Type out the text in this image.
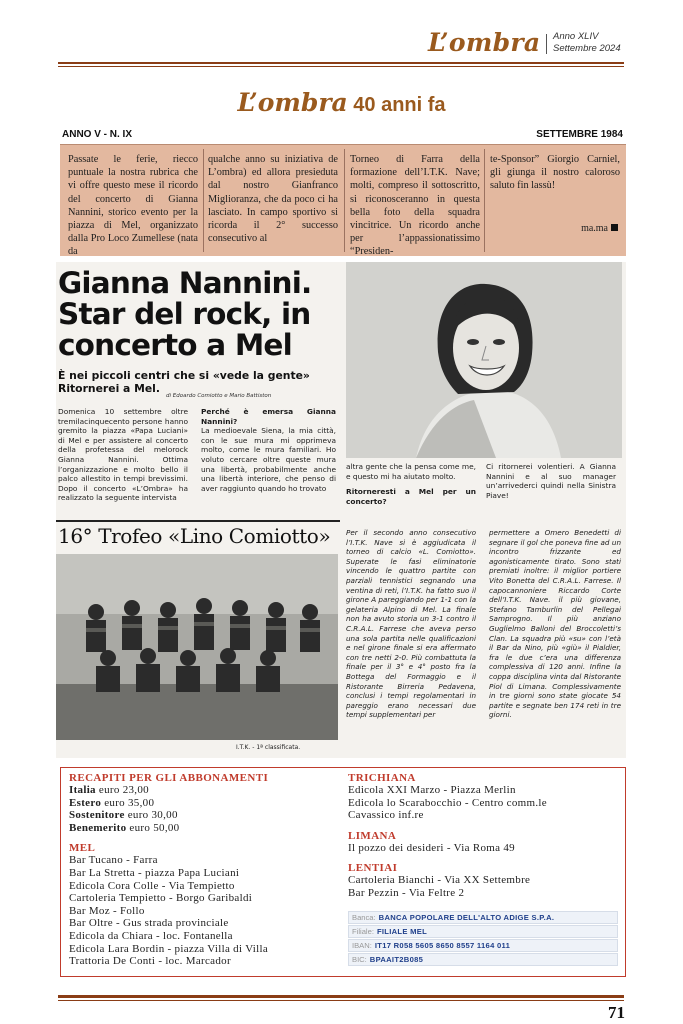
L’ombra Anno XLIV
Settembre 2024
L’ombra 40 anni fa
ANNO V - N. IX	SETTEMBRE 1984
Passate le ferie, riecco puntuale la nostra rubrica che vi offre questo mese il ricordo del concerto di Gianna Nannini, storico evento per la piazza di Mel, organizzato dalla Pro Loco Zumellese (nata da
qualche anno su iniziativa de L’ombra) ed allora presieduta dal nostro Gianfranco Miglioranza, che da poco ci ha lasciato. In campo sportivo si ricorda il 2° successo consecutivo al
Torneo di Farra della formazione dell’I.T.K. Nave; molti, compreso il sottoscritto, si riconosceranno in questa bella foto della squadra vincitrice. Un ricordo anche per l’appassionatissimo “Presiden-
te-Sponsor” Giorgio Carniel, gli giunga il nostro caloroso saluto fin lassù!
ma.ma
Gianna Nannini. Star del rock, in concerto a Mel
È nei piccoli centri che si «vede la gente» Ritornerei a Mel.
di Edoardo Comiotto e Mario Battiston
Domenica 10 settembre oltre tremilacinquecento persone hanno gremito la piazza «Papa Luciani» di Mel e per assistere al concerto della profetessa del melorock Gianna Nannini. Ottima l’organizzazione e molto bello il palco allestito in tempi brevissimi. Dopo il concerto «L’Ombra» ha realizzato la seguente intervista
Perché è emersa Gianna Nannini?
La medioevale Siena, la mia città, con le sue mura mi opprimeva molto, come le mura familiari. Ho voluto cercare oltre queste mura una libertà, probabilmente anche una libertà interiore, che penso di aver raggiunto quando ho trovato
altra gente che la pensa come me, e questo mi ha aiutato molto.
Ritorneresti a Mel per un concerto?
Ci ritornerei volentieri. A Gianna Nannini e al suo manager un’arrivederci quindi nella Sinistra Piave!
16° Trofeo «Lino Comiotto»
I.T.K. - 1ª classificata.
Per il secondo anno consecutivo l’I.T.K. Nave si è aggiudicata il torneo di calcio «L. Comiotto». Superate le fasi eliminatorie vincendo le quattro partite con parziali tennistici segnando una ventina di reti, l’I.T.K. ha fatto suo il girone A pareggiando per 1-1 con la gelateria Alpino di Mel. La finale non ha avuto storia un 3-1 contro il C.R.A.L. Farrese che aveva perso una sola partita nelle qualificazioni e nel girone finale si era affermato con tre netti 2-0. Più combattuta la finale per il 3° e 4° posto fra la Bottega del Formaggio e il Ristorante Birreria Pedavena, conclusi i tempi regolamentari in pareggio erano necessari due tempi supplementari per
permettere a Omero Benedetti di segnare il gol che poneva fine ad un incontro frizzante ed agonisticamente tirato. Sono stati premiati inoltre: il miglior portiere Vito Bonetta del C.R.A.L. Farrese. Il capocannoniere Riccardo Corte dell’I.T.K. Nave. il più giovane, Stefano Tamburlin del Pellegai Samprogno. Il più anziano Guglielmo Balloni del Broccoletti’s Clan. La squadra più «su» con l’età il Bar da Nino, più «giù» il Pialdier, fra le due c’era una differenza complessiva di 120 anni. Infine la coppa disciplina vinta dal Ristorante Piol di Limana. Complessivamente in tre giorni sono state giocate 54 partite e segnate ben 174 reti in tre giorni.
RECAPITI PER GLI ABBONAMENTI
Italia euro 23,00
Estero euro 35,00
Sostenitore euro 30,00
Benemerito euro 50,00
MEL
Bar Tucano - Farra
Bar La Stretta - piazza Papa Luciani
Edicola Cora Colle - Via Tempietto
Cartoleria Tempietto - Borgo Garibaldi
Bar Moz - Follo
Bar Oltre - Gus strada provinciale
Edicola da Chiara - loc. Fontanella
Edicola Lara Bordin - piazza Villa di Villa
Trattoria De Conti - loc. Marcador
TRICHIANA
Edicola XXI Marzo - Piazza Merlin
Edicola lo Scarabocchio - Centro comm.le
Cavassico inf.re
LIMANA
Il pozzo dei desideri - Via Roma 49
LENTIAI
Cartoleria Bianchi - Via XX Settembre
Bar Pezzin - Via Feltre 2
Banca: BANCA POPOLARE DELL'ALTO ADIGE S.P.A.
Filiale: FILIALE MEL
IBAN: IT17 R058 5605 8650 8557 1164 011
BIC: BPAAIT2B085
71
